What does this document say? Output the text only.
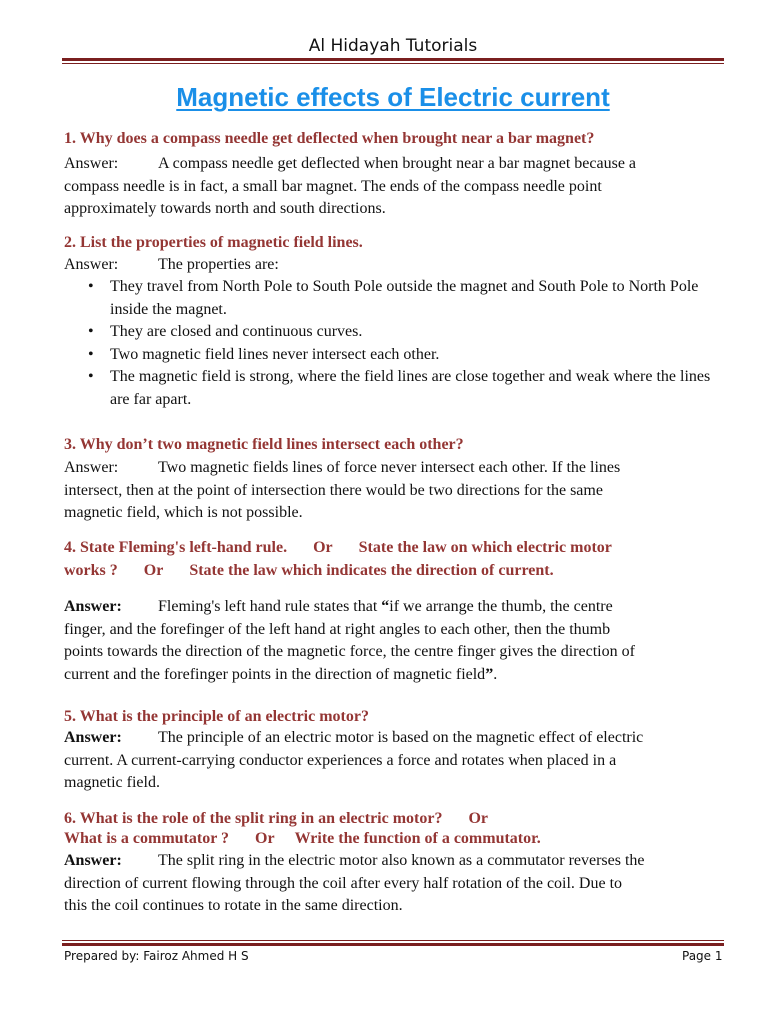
Al Hidayah Tutorials
Magnetic effects of Electric current
1. Why does a compass needle get deflected when brought near a bar magnet?
Answer: A compass needle get deflected when brought near a bar magnet because a
compass needle is in fact, a small bar magnet. The ends of the compass needle point
approximately towards north and south directions.
2. List the properties of magnetic field lines.
Answer: The properties are:
• They travel from North Pole to South Pole outside the magnet and South Pole to North Pole inside the magnet.
• They are closed and continuous curves.
• Two magnetic field lines never intersect each other.
• The magnetic field is strong, where the field lines are close together and weak where the lines are far apart.
3. Why don’t two magnetic field lines intersect each other?
Answer: Two magnetic fields lines of force never intersect each other. If the lines
intersect, then at the point of intersection there would be two directions for the same
magnetic field, which is not possible.
4. State Fleming's left-hand rule. Or State the law on which electric motor
works ? Or State the law which indicates the direction of current.
Answer: Fleming's left hand rule states that “if we arrange the thumb, the centre
finger, and the forefinger of the left hand at right angles to each other, then the thumb
points towards the direction of the magnetic force, the centre finger gives the direction of
current and the forefinger points in the direction of magnetic field”.
5. What is the principle of an electric motor?
Answer: The principle of an electric motor is based on the magnetic effect of electric
current. A current-carrying conductor experiences a force and rotates when placed in a
magnetic field.
6. What is the role of the split ring in an electric motor? Or
What is a commutator ? Or Write the function of a commutator.
Answer: The split ring in the electric motor also known as a commutator reverses the
direction of current flowing through the coil after every half rotation of the coil. Due to
this the coil continues to rotate in the same direction.
Prepared by: Fairoz Ahmed H S	Page 1
